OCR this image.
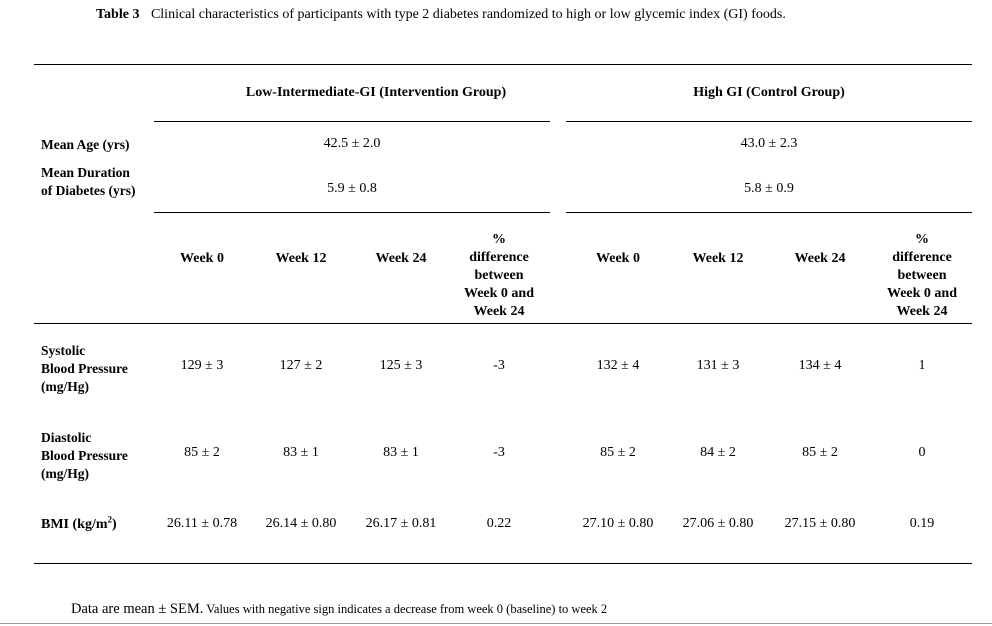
Table 3 Clinical characteristics of participants with type 2 diabetes randomized to high or low glycemic index (GI) foods.
Low-Intermediate-GI (Intervention Group)	High GI (Control Group)
Mean Age (yrs)	42.5 ± 2.0	43.0 ± 2.3
Mean Duration
of Diabetes (yrs)	5.9 ± 0.8	5.8 ± 0.9
Week 0	Week 12	Week 24
%
difference
between
Week 0 and
Week 24
Week 0	Week 12	Week 24
%
difference
between
Week 0 and
Week 24
Systolic
Blood Pressure
(mg/Hg)
129 ± 3	127 ± 2	125 ± 3	-3	132 ± 4	131 ± 3	134 ± 4	1
Diastolic
Blood Pressure
(mg/Hg)
85 ± 2	83 ± 1	83 ± 1	-3	85 ± 2	84 ± 2	85 ± 2	0
BMI $(kg/m^2)$	26.11 ± 0.78	26.14 ± 0.80	26.17 ± 0.81	0.22	27.10 ± 0.80	27.06 ± 0.80	27.15 ± 0.80	0.19
Data are mean ± SEM. Values with negative sign indicates a decrease from week 0 (baseline) to week 2
